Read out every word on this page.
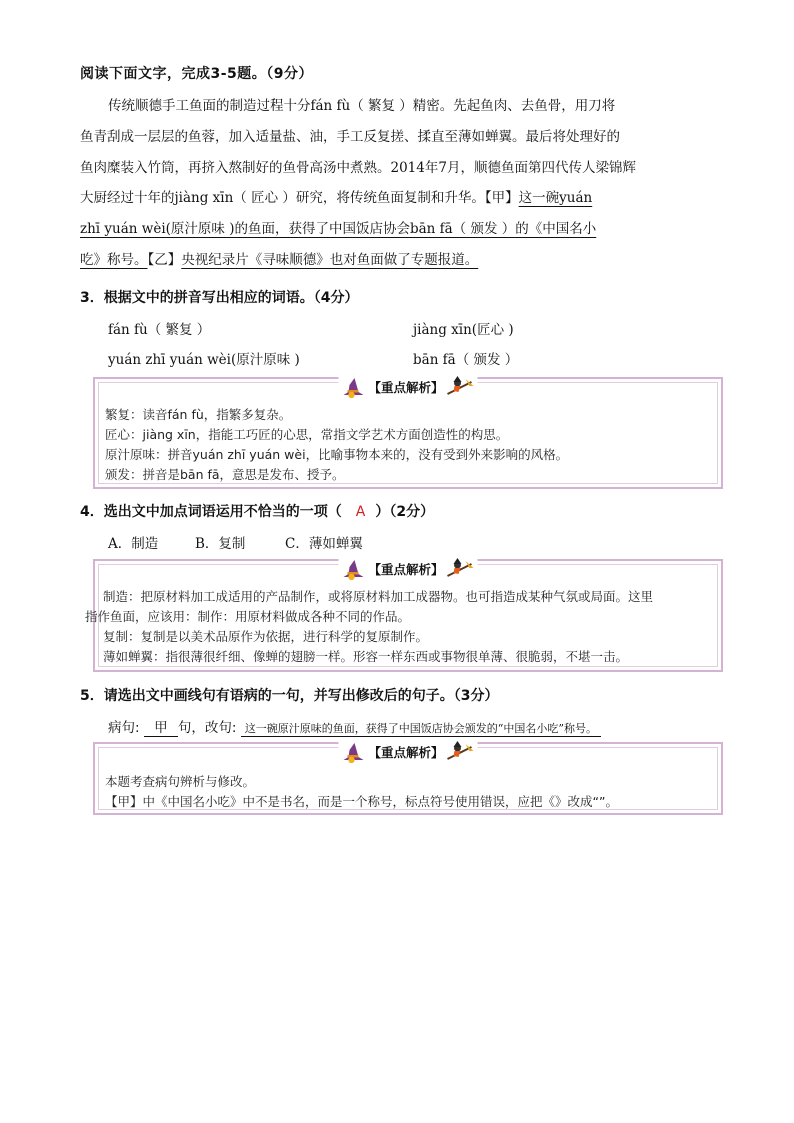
阅读下面文字，完成3-5题。（9分）
传统顺德手工鱼面的制造过程十分fán fù（ 繁复 ）精密。先起鱼肉、去鱼骨，用刀将
鱼青刮成一层层的鱼蓉，加入适量盐、油，手工反复搓、揉直至薄如蝉翼。最后将处理好的
鱼肉糜装入竹筒，再挤入熬制好的鱼骨高汤中煮熟。2014年7月，顺德鱼面第四代传人梁锦辉
大厨经过十年的jiàng xīn（ 匠心 ）研究，将传统鱼面复制和升华。【甲】这一碗yuán
zhī yuán wèi(原汁原味 )的鱼面，获得了中国饭店协会bān fā（ 颁发 ）的《中国名小
吃》称号。【乙】央视纪录片《寻味顺德》也对鱼面做了专题报道。
3．根据文中的拼音写出相应的词语。（4分）
fán fù（ 繁复 ）	jiàng xīn(匠心 )
yuán zhī yuán wèi(原汁原味 )	bān fā（ 颁发 ）
【重点解析】
繁复：读音fán fù，指繁多复杂。
匠心：jiàng xīn，指能工巧匠的心思，常指文学艺术方面创造性的构思。
原汁原味：拼音yuán zhī yuán wèi，比喻事物本来的，没有受到外来影响的风格。
颁发：拼音是bān fā，意思是发布、授予。
4．选出文中加点词语运用不恰当的一项（ A ）（2分）
A．制造	B．复制	C．薄如蝉翼
【重点解析】
制造：把原材料加工成适用的产品制作，或将原材料加工成器物。也可指造成某种气氛或局面。这里
指作鱼面，应该用：制作：用原材料做成各种不同的作品。
复制：复制是以美术品原作为依据，进行科学的复原制作。
薄如蝉翼：指很薄很纤细、像蝉的翅膀一样。形容一样东西或事物很单薄、很脆弱，不堪一击。
5．请选出文中画线句有语病的一句，并写出修改后的句子。（3分）
病句: 甲 句，改句: 这一碗原汁原味的鱼面，获得了中国饭店协会颁发的“中国名小吃”称号。
【重点解析】
本题考查病句辨析与修改。
【甲】中《中国名小吃》中不是书名，而是一个称号，标点符号使用错误，应把《》改成“”。
